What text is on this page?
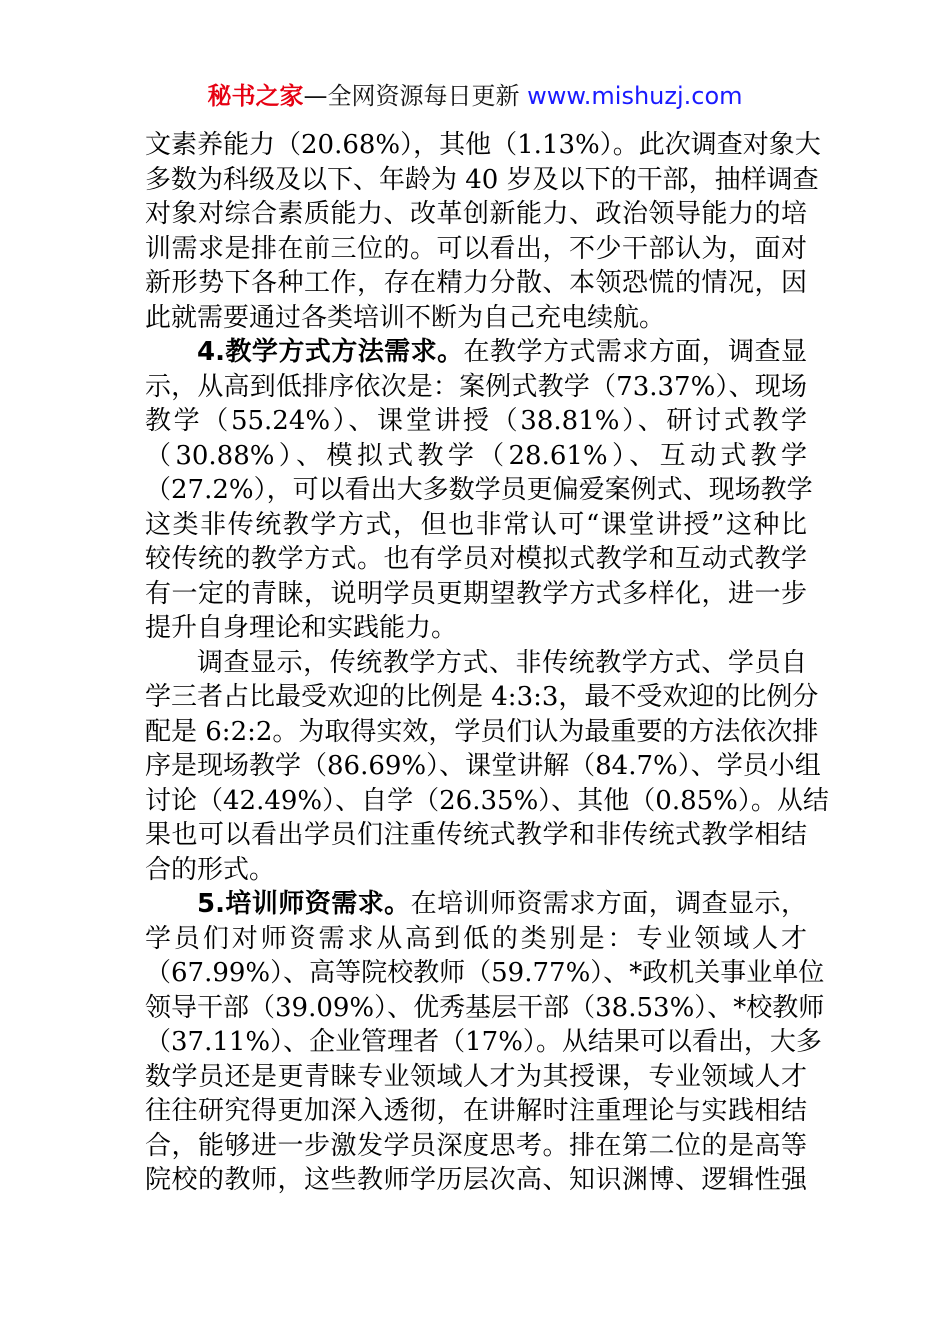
秘书之家—全网资源每日更新 www.mishuzj.com
文素养能力（20.68%），其他（1.13%）。此次调查对象大
多数为科级及以下、年龄为 40 岁及以下的干部，抽样调查
对象对综合素质能力、改革创新能力、政治领导能力的培
训需求是排在前三位的。可以看出，不少干部认为，面对
新形势下各种工作，存在精力分散、本领恐慌的情况，因
此就需要通过各类培训不断为自己充电续航。
4.教学方式方法需求。在教学方式需求方面，调查显
示，从高到低排序依次是：案例式教学（73.37%）、现场
教学（55.24%）、课堂讲授（38.81%）、研讨式教学
（30.88%）、模拟式教学（28.61%）、互动式教学
（27.2%），可以看出大多数学员更偏爱案例式、现场教学
这类非传统教学方式，但也非常认可“课堂讲授”这种比
较传统的教学方式。也有学员对模拟式教学和互动式教学
有一定的青睐，说明学员更期望教学方式多样化，进一步
提升自身理论和实践能力。
调查显示，传统教学方式、非传统教学方式、学员自
学三者占比最受欢迎的比例是 4:3:3，最不受欢迎的比例分
配是 6:2:2。为取得实效，学员们认为最重要的方法依次排
序是现场教学（86.69%）、课堂讲解（84.7%）、学员小组
讨论（42.49%）、自学（26.35%）、其他（0.85%）。从结
果也可以看出学员们注重传统式教学和非传统式教学相结
合的形式。
5.培训师资需求。在培训师资需求方面，调查显示，
学员们对师资需求从高到低的类别是：专业领域人才
（67.99%）、高等院校教师（59.77%）、*政机关事业单位
领导干部（39.09%）、优秀基层干部（38.53%）、*校教师
（37.11%）、企业管理者（17%）。从结果可以看出，大多
数学员还是更青睐专业领域人才为其授课，专业领域人才
往往研究得更加深入透彻，在讲解时注重理论与实践相结
合，能够进一步激发学员深度思考。排在第二位的是高等
院校的教师，这些教师学历层次高、知识渊博、逻辑性强
